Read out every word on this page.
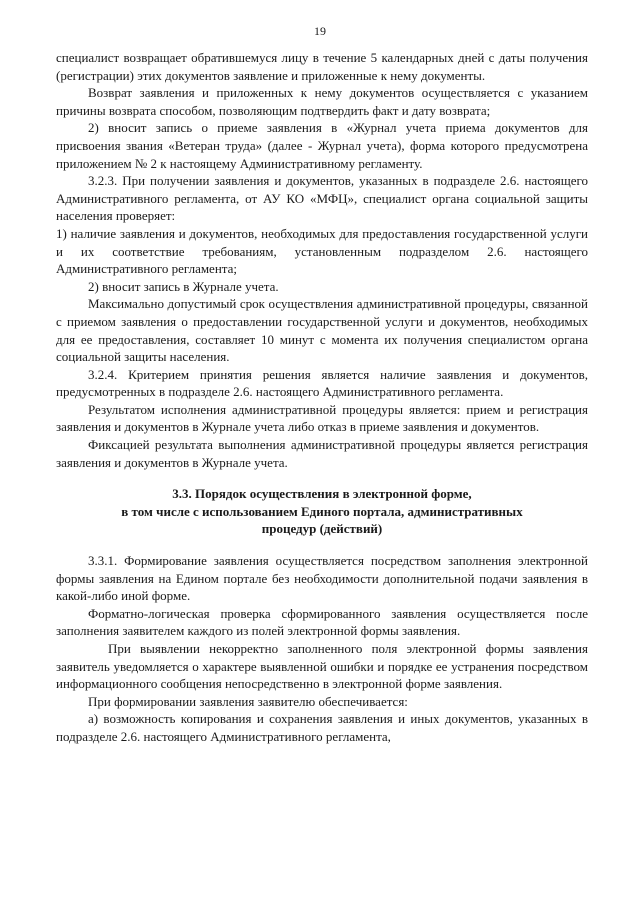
19

специалист возвращает обратившемуся лицу в течение 5 календарных дней с даты получения (регистрации) этих документов заявление и приложенные к нему документы.

Возврат заявления и приложенных к нему документов осуществляется с указанием причины возврата способом, позволяющим подтвердить факт и дату возврата;

2) вносит запись о приеме заявления в «Журнал учета приема документов для присвоения звания «Ветеран труда» (далее - Журнал учета), форма которого предусмотрена приложением № 2 к настоящему Административному регламенту.

3.2.3. При получении заявления и документов, указанных в подразделе 2.6. настоящего Административного регламента, от АУ КО «МФЦ», специалист органа социальной защиты населения проверяет:

1) наличие заявления и документов, необходимых для предоставления государственной услуги и их соответствие требованиям, установленным подразделом 2.6. настоящего Административного регламента;

2) вносит запись в Журнале учета.

Максимально допустимый срок осуществления административной процедуры, связанной с приемом заявления о предоставлении государственной услуги и документов, необходимых для ее предоставления, составляет 10 минут с момента их получения специалистом органа социальной защиты населения.

3.2.4. Критерием принятия решения является наличие заявления и документов, предусмотренных в подразделе 2.6. настоящего Административного регламента.

Результатом исполнения административной процедуры является: прием и регистрация заявления и документов в Журнале учета либо отказ в приеме заявления и документов.

Фиксацией результата выполнения административной процедуры является регистрация заявления и документов в Журнале учета.

3.3. Порядок осуществления в электронной форме,
в том числе с использованием Единого портала, административных
процедур (действий)

3.3.1. Формирование заявления осуществляется посредством заполнения электронной формы заявления на Едином портале без необходимости дополнительной подачи заявления в какой-либо иной форме.

Форматно-логическая проверка сформированного заявления осуществляется после заполнения заявителем каждого из полей электронной формы заявления.

При выявлении некорректно заполненного поля электронной формы заявления заявитель уведомляется о характере выявленной ошибки и порядке ее устранения посредством информационного сообщения непосредственно в электронной форме заявления.

При формировании заявления заявителю обеспечивается:

а) возможность копирования и сохранения заявления и иных документов, указанных в подразделе 2.6. настоящего Административного регламента,
